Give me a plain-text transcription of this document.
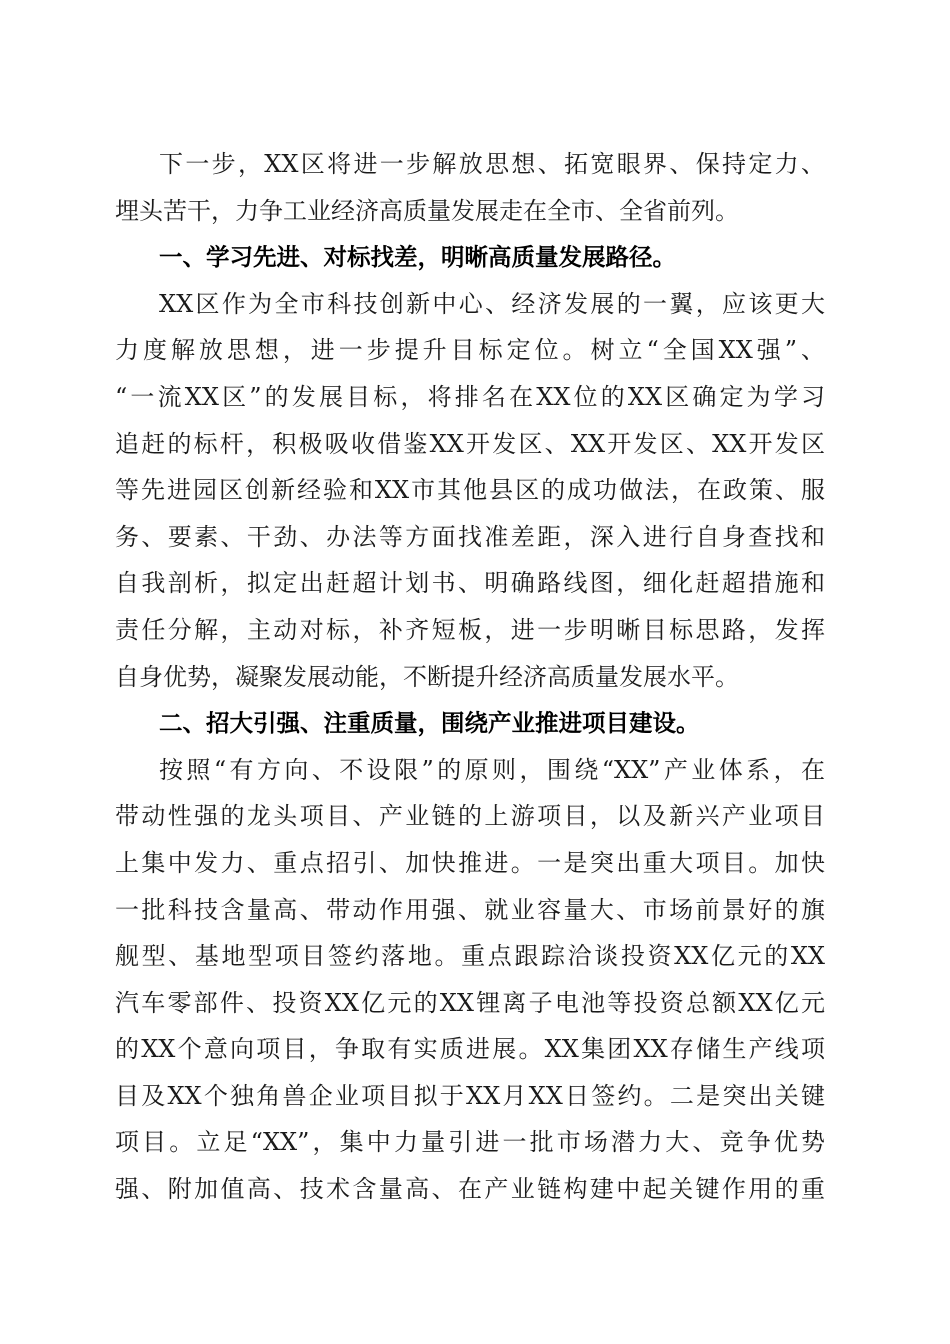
下一步，XX区将进一步解放思想、拓宽眼界、保持定力、
埋头苦干，力争工业经济高质量发展走在全市、全省前列。
一、学习先进、对标找差，明晰高质量发展路径。
XX区作为全市科技创新中心、经济发展的一翼，应该更大
力度解放思想，进一步提升目标定位。树立“全国XX强”、
“一流XX区”的发展目标，将排名在XX位的XX区确定为学习
追赶的标杆，积极吸收借鉴XX开发区、XX开发区、XX开发区
等先进园区创新经验和XX市其他县区的成功做法，在政策、服
务、要素、干劲、办法等方面找准差距，深入进行自身查找和
自我剖析，拟定出赶超计划书、明确路线图，细化赶超措施和
责任分解，主动对标，补齐短板，进一步明晰目标思路，发挥
自身优势，凝聚发展动能，不断提升经济高质量发展水平。
二、招大引强、注重质量，围绕产业推进项目建设。
按照“有方向、不设限”的原则，围绕“XX”产业体系，在
带动性强的龙头项目、产业链的上游项目，以及新兴产业项目
上集中发力、重点招引、加快推进。一是突出重大项目。加快
一批科技含量高、带动作用强、就业容量大、市场前景好的旗
舰型、基地型项目签约落地。重点跟踪洽谈投资XX亿元的XX
汽车零部件、投资XX亿元的XX锂离子电池等投资总额XX亿元
的XX个意向项目，争取有实质进展。XX集团XX存储生产线项
目及XX个独角兽企业项目拟于XX月XX日签约。二是突出关键
项目。立足“XX”，集中力量引进一批市场潜力大、竞争优势
强、附加值高、技术含量高、在产业链构建中起关键作用的重
